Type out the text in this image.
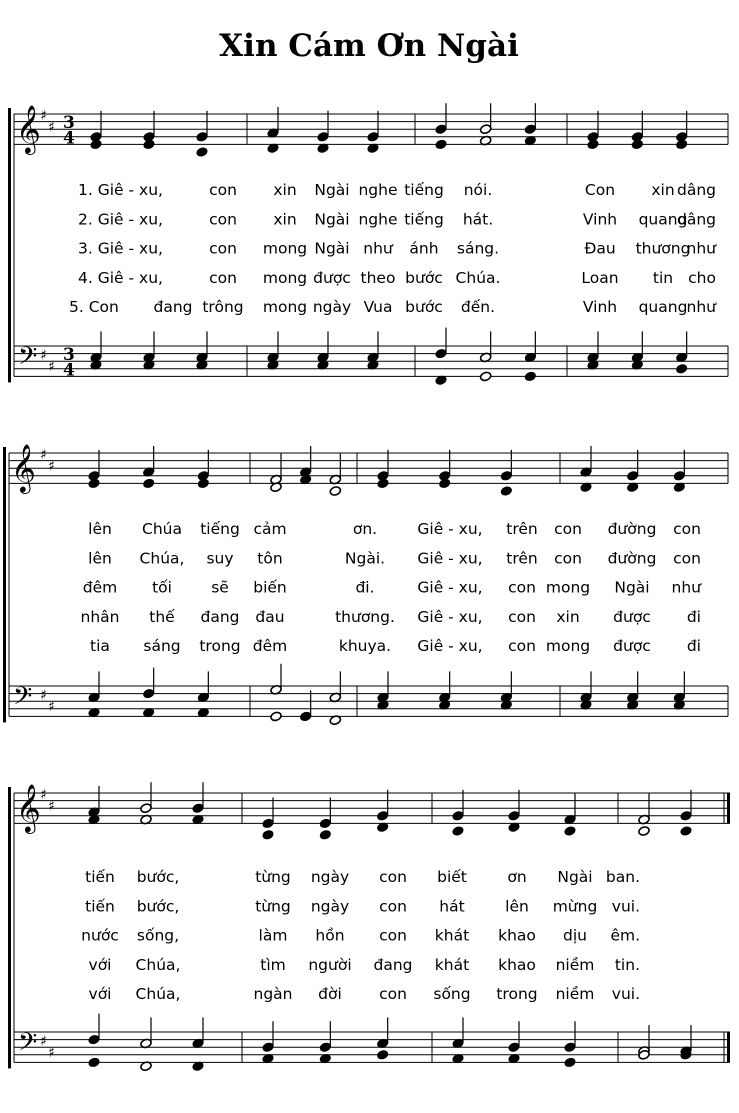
Xin Cám Ơn Ngài
𝄞
𝄢
♯
♯
♯
♯
3
4
3
4
1. Giê - xu,	con xin Ngài nghe tiếng nói.	Con xin dâng
2. Giê - xu,	con xin Ngài nghe tiếng hát.	Vinh quang
dâng
3. Giê - xu,	con mong Ngài như ánh sáng.	Đau thương
như
4. Giê - xu,	con mong được theo bước Chúa.	Loan tin cho
5. Con đang trông mong ngày Vua bước đến.	Vinh quang như
𝄞
𝄢
♯
♯
♯
♯
lên Chúa tiếng cảm	ơn.	Giê - xu, trên con đường con
lên Chúa, suy tôn	Ngài. Giê - xu, trên con đường con
đêm tối	sẽ biến	đi.	Giê - xu, con mong Ngài như
nhân thế đang đau	thương. Giê - xu, con xin được đi
tia sáng trong đêm	khuya. Giê - xu, con mong được đi
𝄞
𝄢
♯
♯
♯
♯
tiến bước,	từng ngày con biết	ơn Ngài ban.
tiến bước,	từng ngày con hát	lên mừng vui.
nước sống,	làm hồn con khát khao dịu êm.
với Chúa,	tìm người đang khát khao niềm tin.
với Chúa,	ngàn đời con sống trong niềm vui.
